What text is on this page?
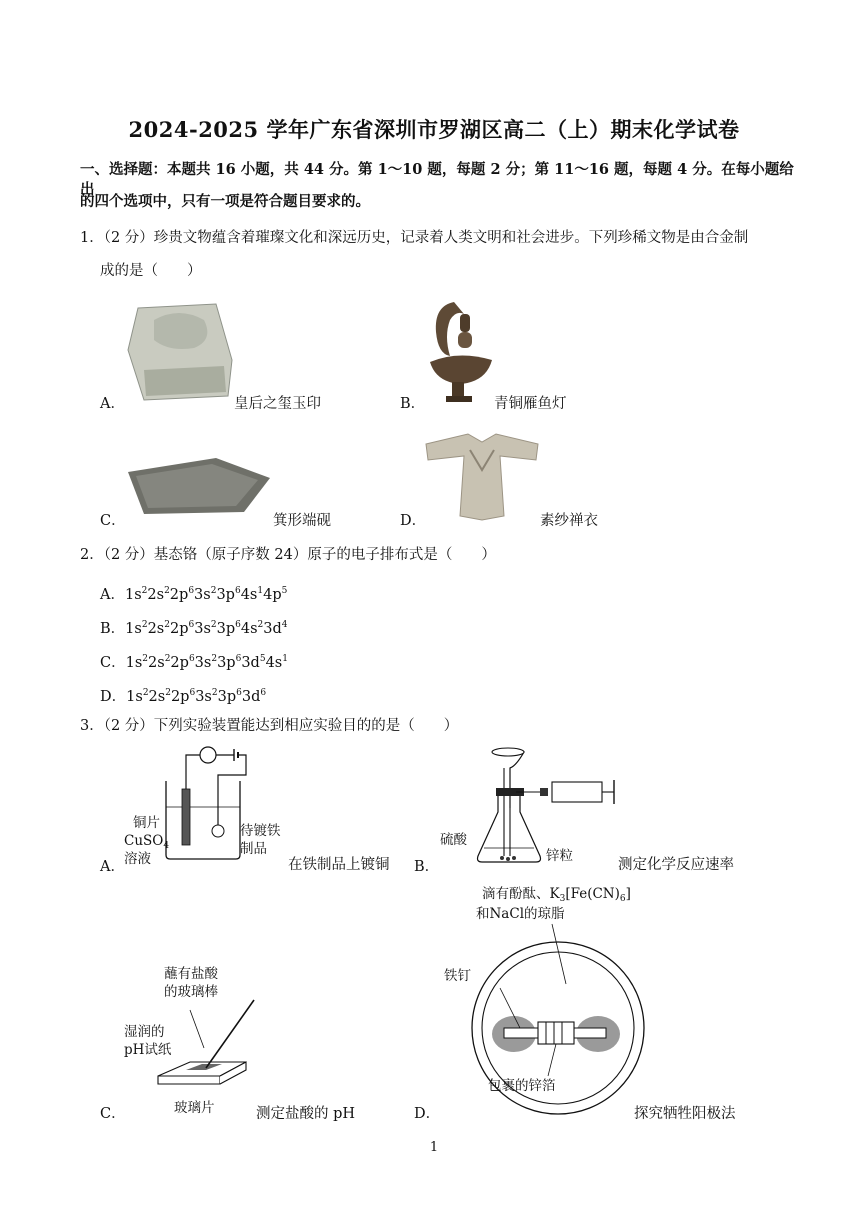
2024-2025 学年广东省深圳市罗湖区高二（上）期末化学试卷
一、选择题：本题共 16 小题，共 44 分。第 1～10 题，每题 2 分；第 11～16 题，每题 4 分。在每小题给出
的四个选项中，只有一项是符合题目要求的。
1．（2 分）珍贵文物蕴含着璀璨文化和深远历史，记录着人类文明和社会进步。下列珍稀文物是由合金制
成的是（　　）
A．	皇后之玺玉印	B．	青铜雁鱼灯
C．	箕形端砚	D．	素纱禅衣
2．（2 分）基态铬（原子序数 24）原子的电子排布式是（　　）
A．$1s^22s^22p^63s^23p^64s^14p^5$
B．$1s^22s^22p^63s^23p^64s^23d^4$
C．$1s^22s^22p^63s^23p^63d^54s^1$
D．$1s^22s^22p^63s^23p^63d^6$
3．（2 分）下列实验装置能达到相应实验目的的是（　　）
铜片
CuSO$_4$
溶液
待镀铁
制品
A．	在铁制品上镀铜
硫酸
锌粒
B．	测定化学反应速率
蘸有盐酸
的玻璃棒
湿润的
pH试纸
玻璃片
C．	测定盐酸的 pH
滴有酚酞、$K_3[Fe(CN)_6]$
和NaCl的琼脂
铁钉
包裹的锌箔
D．	探究牺牲阳极法
1
